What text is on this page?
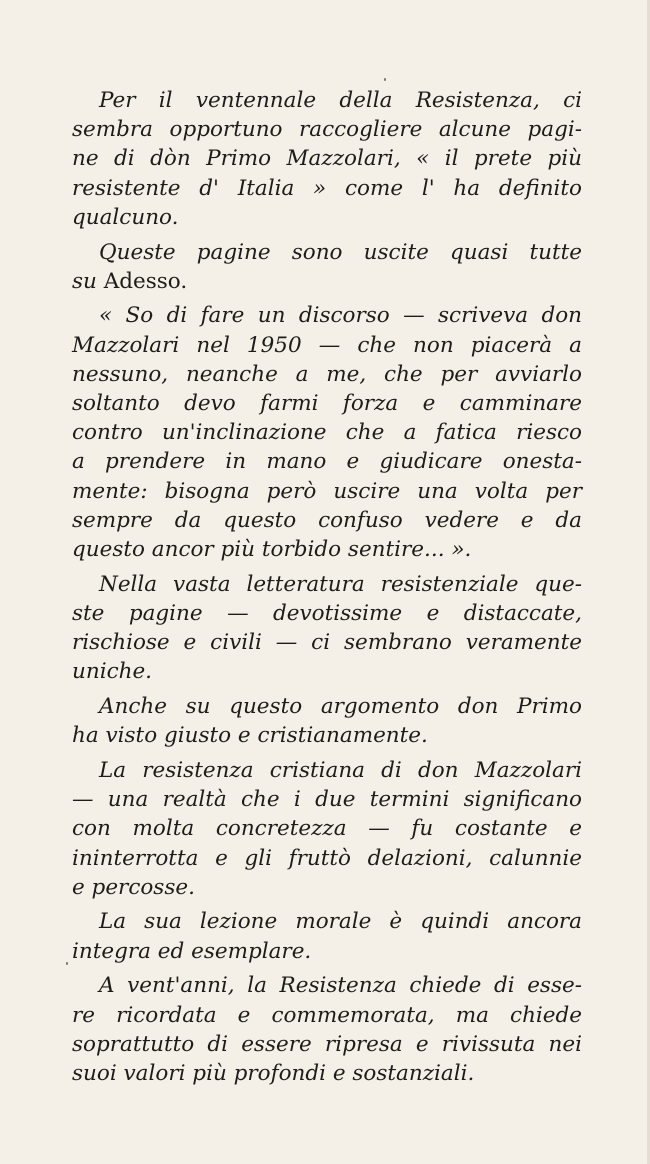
Per il ventennale della Resistenza, ci
sembra opportuno raccogliere alcune pagi-
ne di dòn Primo Mazzolari, « il prete più
resistente d' Italia » come l' ha definito
qualcuno.
Queste pagine sono uscite quasi tutte
su Adesso.
« So di fare un discorso — scriveva don
Mazzolari nel 1950 — che non piacerà a
nessuno, neanche a me, che per avviarlo
soltanto devo farmi forza e camminare
contro un'inclinazione che a fatica riesco
a prendere in mano e giudicare onesta-
mente: bisogna però uscire una volta per
sempre da questo confuso vedere e da
questo ancor più torbido sentire... ».
Nella vasta letteratura resistenziale que-
ste pagine — devotissime e distaccate,
rischiose e civili — ci sembrano veramente
uniche.
Anche su questo argomento don Primo
ha visto giusto e cristianamente.
La resistenza cristiana di don Mazzolari
— una realtà che i due termini significano
con molta concretezza — fu costante e
ininterrotta e gli fruttò delazioni, calunnie
e percosse.
La sua lezione morale è quindi ancora
integra ed esemplare.
A vent'anni, la Resistenza chiede di esse-
re ricordata e commemorata, ma chiede
soprattutto di essere ripresa e rivissuta nei
suoi valori più profondi e sostanziali.
